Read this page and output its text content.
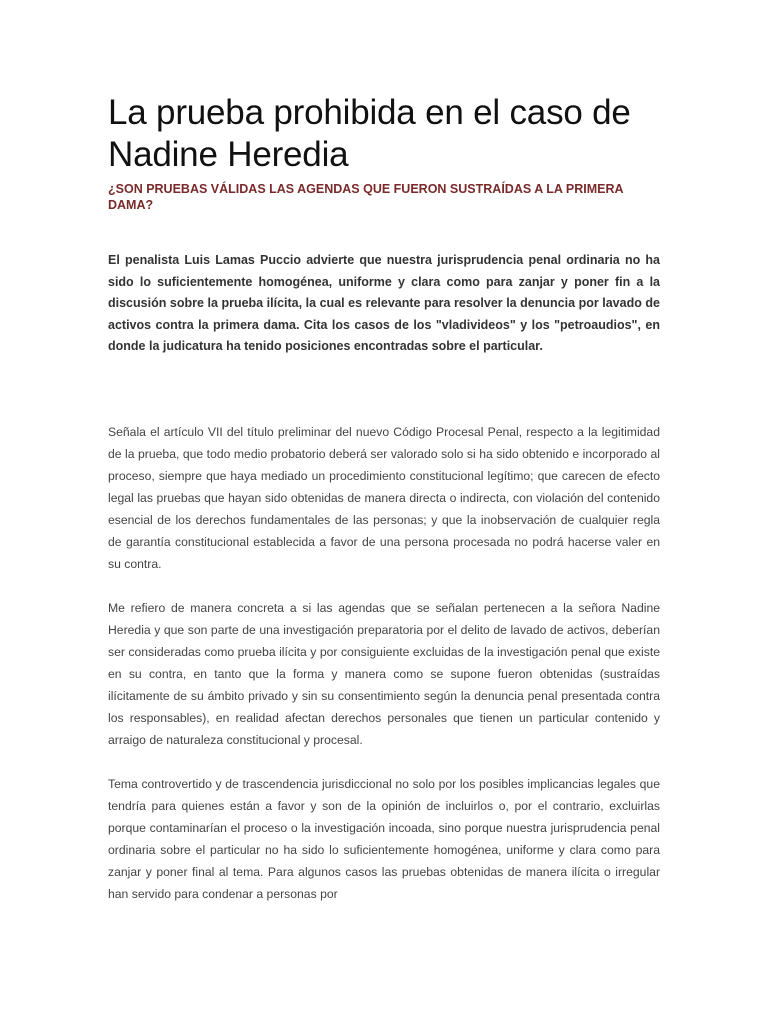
La prueba prohibida en el caso de Nadine Heredia
¿SON PRUEBAS VÁLIDAS LAS AGENDAS QUE FUERON SUSTRAÍDAS A LA PRIMERA DAMA?

El penalista Luis Lamas Puccio advierte que nuestra jurisprudencia penal ordinaria no ha sido lo suficientemente homogénea, uniforme y clara como para zanjar y poner fin a la discusión sobre la prueba ilícita, la cual es relevante para resolver la denuncia por lavado de activos contra la primera dama. Cita los casos de los "vladivideos" y los "petroaudios", en donde la judicatura ha tenido posiciones encontradas sobre el particular.

Señala el artículo VII del título preliminar del nuevo Código Procesal Penal, respecto a la legitimidad de la prueba, que todo medio probatorio deberá ser valorado solo si ha sido obtenido e incorporado al proceso, siempre que haya mediado un procedimiento constitucional legítimo; que carecen de efecto legal las pruebas que hayan sido obtenidas de manera directa o indirecta, con violación del contenido esencial de los derechos fundamentales de las personas; y que la inobservación de cualquier regla de garantía constitucional establecida a favor de una persona procesada no podrá hacerse valer en su contra.

Me refiero de manera concreta a si las agendas que se señalan pertenecen a la señora Nadine Heredia y que son parte de una investigación preparatoria por el delito de lavado de activos, deberían ser consideradas como prueba ilícita y por consiguiente excluidas de la investigación penal que existe en su contra, en tanto que la forma y manera como se supone fueron obtenidas (sustraídas ilícitamente de su ámbito privado y sin su consentimiento según la denuncia penal presentada contra los responsables), en realidad afectan derechos personales que tienen un particular contenido y arraigo de naturaleza constitucional y procesal.

Tema controvertido y de trascendencia jurisdiccional no solo por los posibles implicancias legales que tendría para quienes están a favor y son de la opinión de incluirlos o, por el contrario, excluirlas porque contaminarían el proceso o la investigación incoada, sino porque nuestra jurisprudencia penal ordinaria sobre el particular no ha sido lo suficientemente homogénea, uniforme y clara como para zanjar y poner final al tema. Para algunos casos las pruebas obtenidas de manera ilícita o irregular han servido para condenar a personas por
